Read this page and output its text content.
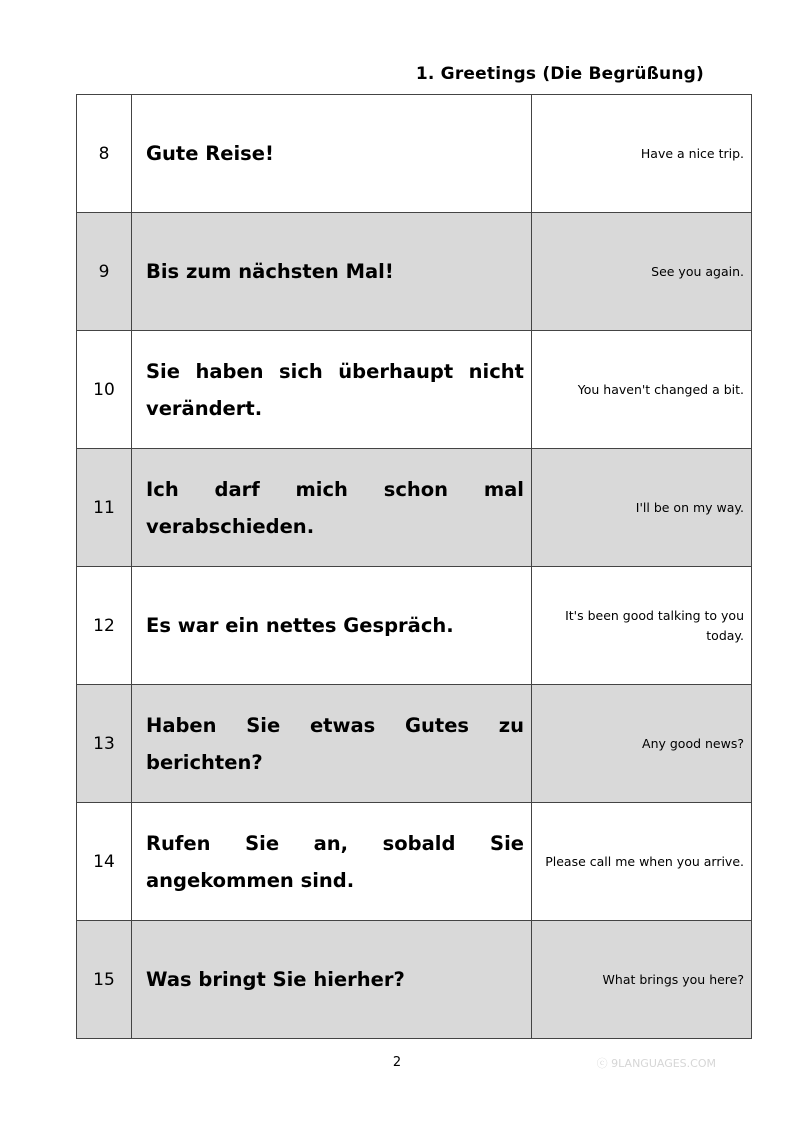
1. Greetings (Die Begrüßung)
8	Gute Reise!	Have a nice trip.
9	Bis zum nächsten Mal!	See you again.
10	Sie haben sich überhaupt nicht verändert.	You haven't changed a bit.
11	Ich darf mich schon mal verabschieden.	I'll be on my way.
12	Es war ein nettes Gespräch.	It's been good talking to you today.
13	Haben Sie etwas Gutes zu berichten?	Any good news?
14	Rufen Sie an, sobald Sie angekommen sind.	Please call me when you arrive.
15	Was bringt Sie hierher?	What brings you here?
2	ⓒ 9LANGUAGES.COM
